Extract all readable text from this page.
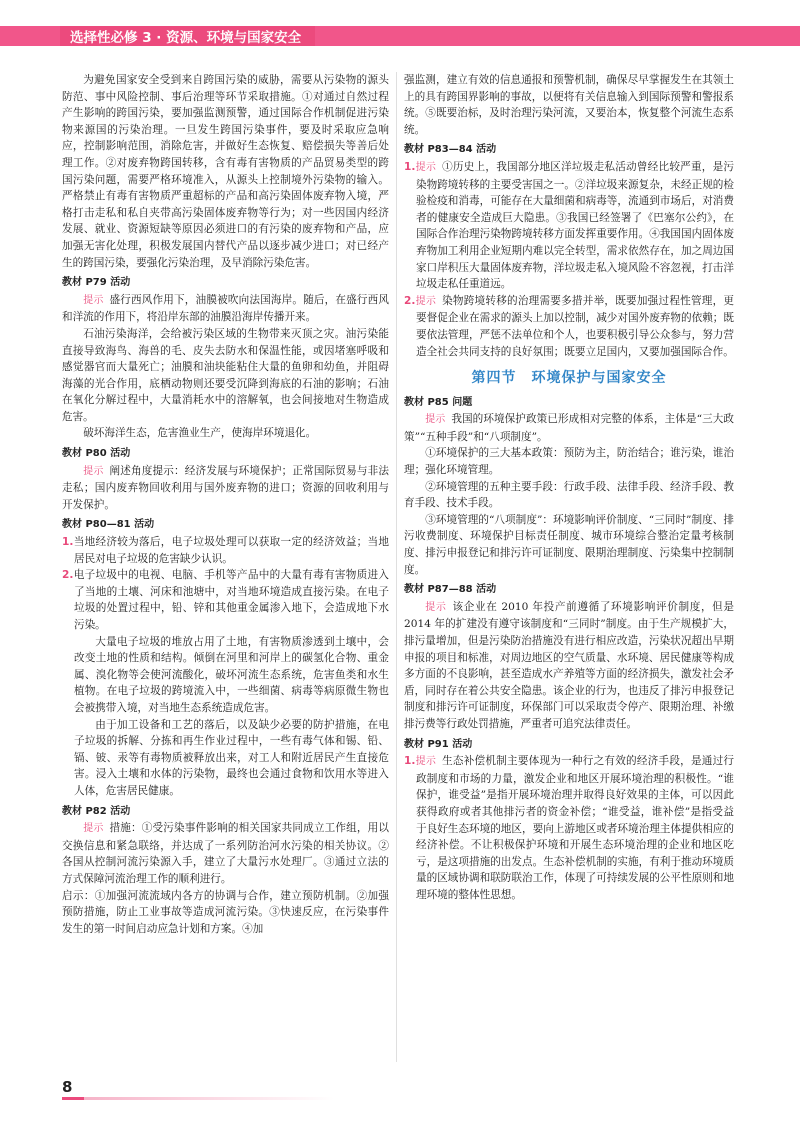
选择性必修 3 · 资源、环境与国家安全

为避免国家安全受到来自跨国污染的威胁，需要从污染物的源头防范、事中风险控制、事后治理等环节采取措施。①对通过自然过程产生影响的跨国污染，要加强监测预警，通过国际合作机制促进污染物来源国的污染治理。一旦发生跨国污染事件，要及时采取应急响应，控制影响范围，消除危害，并做好生态恢复、赔偿损失等善后处理工作。②对废弃物跨国转移，含有毒有害物质的产品贸易类型的跨国污染问题，需要严格环境准入，从源头上控制境外污染物的输入。严格禁止有毒有害物质严重超标的产品和高污染固体废弃物入境，严格打击走私和私自夹带高污染固体废弃物等行为；对一些因国内经济发展、就业、资源短缺等原因必须进口的有污染的废弃物和产品，应加强无害化处理，积极发展国内替代产品以逐步减少进口；对已经产生的跨国污染，要强化污染治理，及早消除污染危害。

教材 P79 活动

提示 盛行西风作用下，油膜被吹向法国海岸。随后，在盛行西风和洋流的作用下，将沿岸东部的油膜沿海岸传播开来。

石油污染海洋，会给被污染区域的生物带来灭顶之灾。油污染能直接导致海鸟、海兽的毛、皮失去防水和保温性能，或因堵塞呼吸和感觉器官而大量死亡；油膜和油块能粘住大量的鱼卵和幼鱼，并阻碍海藻的光合作用，底栖动物则还要受沉降到海底的石油的影响；石油在氧化分解过程中，大量消耗水中的溶解氧，也会间接地对生物造成危害。

破坏海洋生态，危害渔业生产，使海岸环境退化。

教材 P80 活动

提示 阐述角度提示：经济发展与环境保护；正常国际贸易与非法走私；国内废弃物回收利用与国外废弃物的进口；资源的回收利用与开发保护。

教材 P80—81 活动

1.当地经济较为落后，电子垃圾处理可以获取一定的经济效益；当地居民对电子垃圾的危害缺少认识。

2.电子垃圾中的电视、电脑、手机等产品中的大量有毒有害物质进入了当地的土壤、河床和池塘中，对当地环境造成直接污染。在电子垃圾的处置过程中，铅、锌和其他重金属渗入地下，会造成地下水污染。

大量电子垃圾的堆放占用了土地，有害物质渗透到土壤中，会改变土地的性质和结构。倾倒在河里和河岸上的碳氢化合物、重金属、溴化物等会使河流酸化，破坏河流生态系统，危害鱼类和水生植物。在电子垃圾的跨境流入中，一些细菌、病毒等病原微生物也会被携带入境，对当地生态系统造成危害。

由于加工设备和工艺的落后，以及缺少必要的防护措施，在电子垃圾的拆解、分拣和再生作业过程中，一些有毒气体和锡、铅、镉、铍、汞等有毒物质被释放出来，对工人和附近居民产生直接危害。浸入土壤和水体的污染物，最终也会通过食物和饮用水等进入人体，危害居民健康。

教材 P82 活动

提示 措施：①受污染事件影响的相关国家共同成立工作组，用以交换信息和紧急联络，并达成了一系列防治河水污染的相关协议。②各国从控制河流污染源入手，建立了大量污水处理厂。③通过立法的方式保障河流治理工作的顺利进行。

启示：①加强河流流域内各方的协调与合作，建立预防机制。②加强预防措施，防止工业事故等造成河流污染。③快速反应，在污染事件发生的第一时间启动应急计划和方案。④加

强监测，建立有效的信息通报和预警机制，确保尽早掌握发生在其领土上的具有跨国界影响的事故，以便将有关信息输入到国际预警和警报系统。⑤既要治标，及时治理污染河流，又要治本，恢复整个河流生态系统。

教材 P83—84 活动

1.提示 ①历史上，我国部分地区洋垃圾走私活动曾经比较严重，是污染物跨境转移的主要受害国之一。②洋垃圾来源复杂，未经正规的检验检疫和消毒，可能存在大量细菌和病毒等，流通到市场后，对消费者的健康安全造成巨大隐患。③我国已经签署了《巴塞尔公约》，在国际合作治理污染物跨境转移方面发挥重要作用。④我国国内固体废弃物加工利用企业短期内难以完全转型，需求依然存在，加之周边国家口岸积压大量固体废弃物，洋垃圾走私入境风险不容忽视，打击洋垃圾走私任重道远。

2.提示 染物跨境转移的治理需要多措并举，既要加强过程性管理，更要督促企业在需求的源头上加以控制，减少对国外废弃物的依赖；既要依法管理，严惩不法单位和个人，也要积极引导公众参与，努力营造全社会共同支持的良好氛围；既要立足国内，又要加强国际合作。

第四节　环境保护与国家安全
教材 P85 问题

提示 我国的环境保护政策已形成相对完整的体系，主体是“三大政策”“五种手段”和“八项制度”。

①环境保护的三大基本政策：预防为主，防治结合；谁污染，谁治理；强化环境管理。

②环境管理的五种主要手段：行政手段、法律手段、经济手段、教育手段、技术手段。

③环境管理的“八项制度”：环境影响评价制度、“三同时”制度、排污收费制度、环境保护目标责任制度、城市环境综合整治定量考核制度、排污申报登记和排污许可证制度、限期治理制度、污染集中控制制度。

教材 P87—88 活动

提示 该企业在 2010 年投产前遵循了环境影响评价制度，但是 2014 年的扩建没有遵守该制度和“三同时”制度。由于生产规模扩大，排污量增加，但是污染防治措施没有进行相应改造，污染状况超出早期申报的项目和标准，对周边地区的空气质量、水环境、居民健康等构成多方面的不良影响，甚至造成水产养殖等方面的经济损失，激发社会矛盾，同时存在着公共安全隐患。该企业的行为，也违反了排污申报登记制度和排污许可证制度，环保部门可以采取责令停产、限期治理、补缴排污费等行政处罚措施，严重者可追究法律责任。

教材 P91 活动

1.提示 生态补偿机制主要体现为一种行之有效的经济手段，是通过行政制度和市场的力量，激发企业和地区开展环境治理的积极性。“谁保护，谁受益”是指开展环境治理并取得良好效果的主体，可以因此获得政府或者其他排污者的资金补偿；“谁受益，谁补偿”是指受益于良好生态环境的地区，要向上游地区或者环境治理主体提供相应的经济补偿。不让积极保护环境和开展生态环境治理的企业和地区吃亏，是这项措施的出发点。生态补偿机制的实施，有利于推动环境质量的区域协调和联防联治工作，体现了可持续发展的公平性原则和地理环境的整体性思想。

8
